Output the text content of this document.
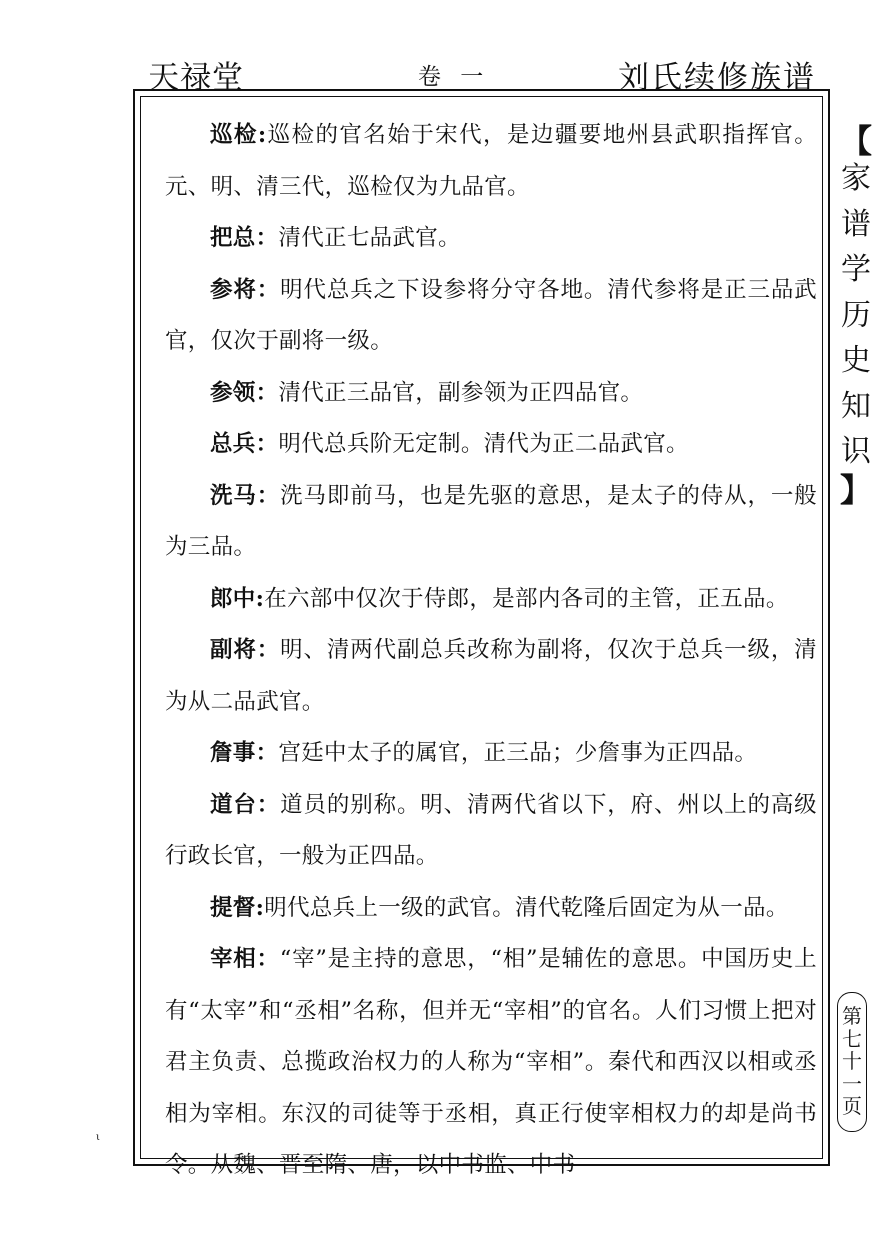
天禄堂	卷 一	刘氏续修族谱

巡检:巡检的官名始于宋代，是边疆要地州县武职指挥官。元、明、清三代，巡检仅为九品官。

把总：清代正七品武官。

参将：明代总兵之下设参将分守各地。清代参将是正三品武官，仅次于副将一级。

参领：清代正三品官，副参领为正四品官。

总兵：明代总兵阶无定制。清代为正二品武官。

洗马：洗马即前马，也是先驱的意思，是太子的侍从，一般为三品。

郎中:在六部中仅次于侍郎，是部内各司的主管，正五品。

副将：明、清两代副总兵改称为副将，仅次于总兵一级，清为从二品武官。

詹事：宫廷中太子的属官，正三品；少詹事为正四品。

道台：道员的别称。明、清两代省以下，府、州以上的高级行政长官，一般为正四品。

提督:明代总兵上一级的武官。清代乾隆后固定为从一品。

宰相：“宰”是主持的意思，“相”是辅佐的意思。中国历史上有“太宰”和“丞相”名称，但并无“宰相”的官名。人们习惯上把对君主负责、总揽政治权力的人称为“宰相”。秦代和西汉以相或丞相为宰相。东汉的司徒等于丞相，真正行使宰相权力的却是尚书令。从魏、晋至隋、唐，以中书监、中书

【
家
谱
学
历
史
知
识
】
第
七
十
一
页
ι
